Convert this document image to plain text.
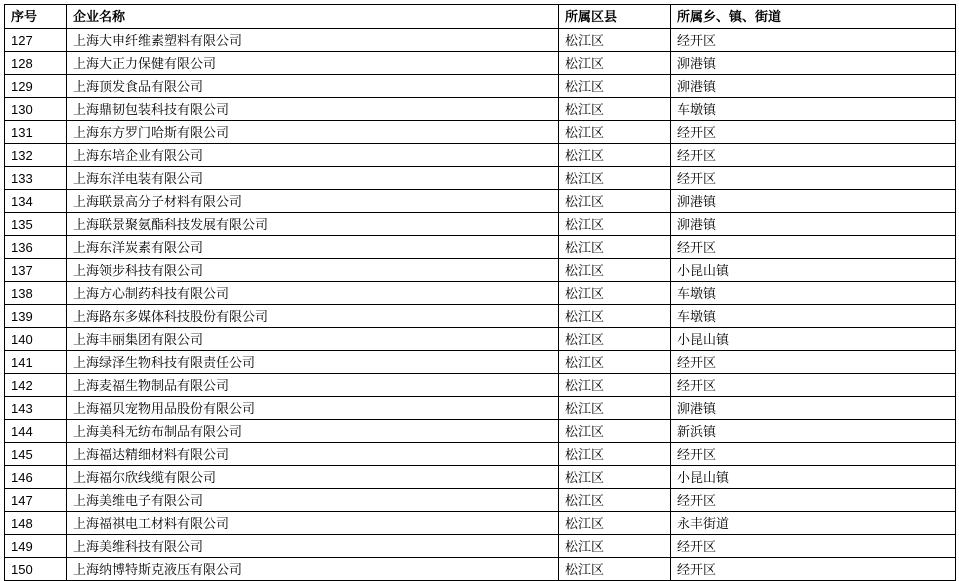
序号	企业名称	所属区县	所属乡、镇、街道
127	上海大申纤维素塑料有限公司	松江区	经开区
128	上海大正力保健有限公司	松江区	泖港镇
129	上海顶发食品有限公司	松江区	泖港镇
130	上海鼎韧包装科技有限公司	松江区	车墩镇
131	上海东方罗门哈斯有限公司	松江区	经开区
132	上海东培企业有限公司	松江区	经开区
133	上海东洋电装有限公司	松江区	经开区
134	上海联景高分子材料有限公司	松江区	泖港镇
135	上海联景聚氨酯科技发展有限公司	松江区	泖港镇
136	上海东洋炭素有限公司	松江区	经开区
137	上海领步科技有限公司	松江区	小昆山镇
138	上海方心制药科技有限公司	松江区	车墩镇
139	上海路东多媒体科技股份有限公司	松江区	车墩镇
140	上海丰丽集团有限公司	松江区	小昆山镇
141	上海绿泽生物科技有限责任公司	松江区	经开区
142	上海麦福生物制品有限公司	松江区	经开区
143	上海福贝宠物用品股份有限公司	松江区	泖港镇
144	上海美科无纺布制品有限公司	松江区	新浜镇
145	上海福达精细材料有限公司	松江区	经开区
146	上海福尔欣线缆有限公司	松江区	小昆山镇
147	上海美维电子有限公司	松江区	经开区
148	上海福祺电工材料有限公司	松江区	永丰街道
149	上海美维科技有限公司	松江区	经开区
150	上海纳博特斯克液压有限公司	松江区	经开区
